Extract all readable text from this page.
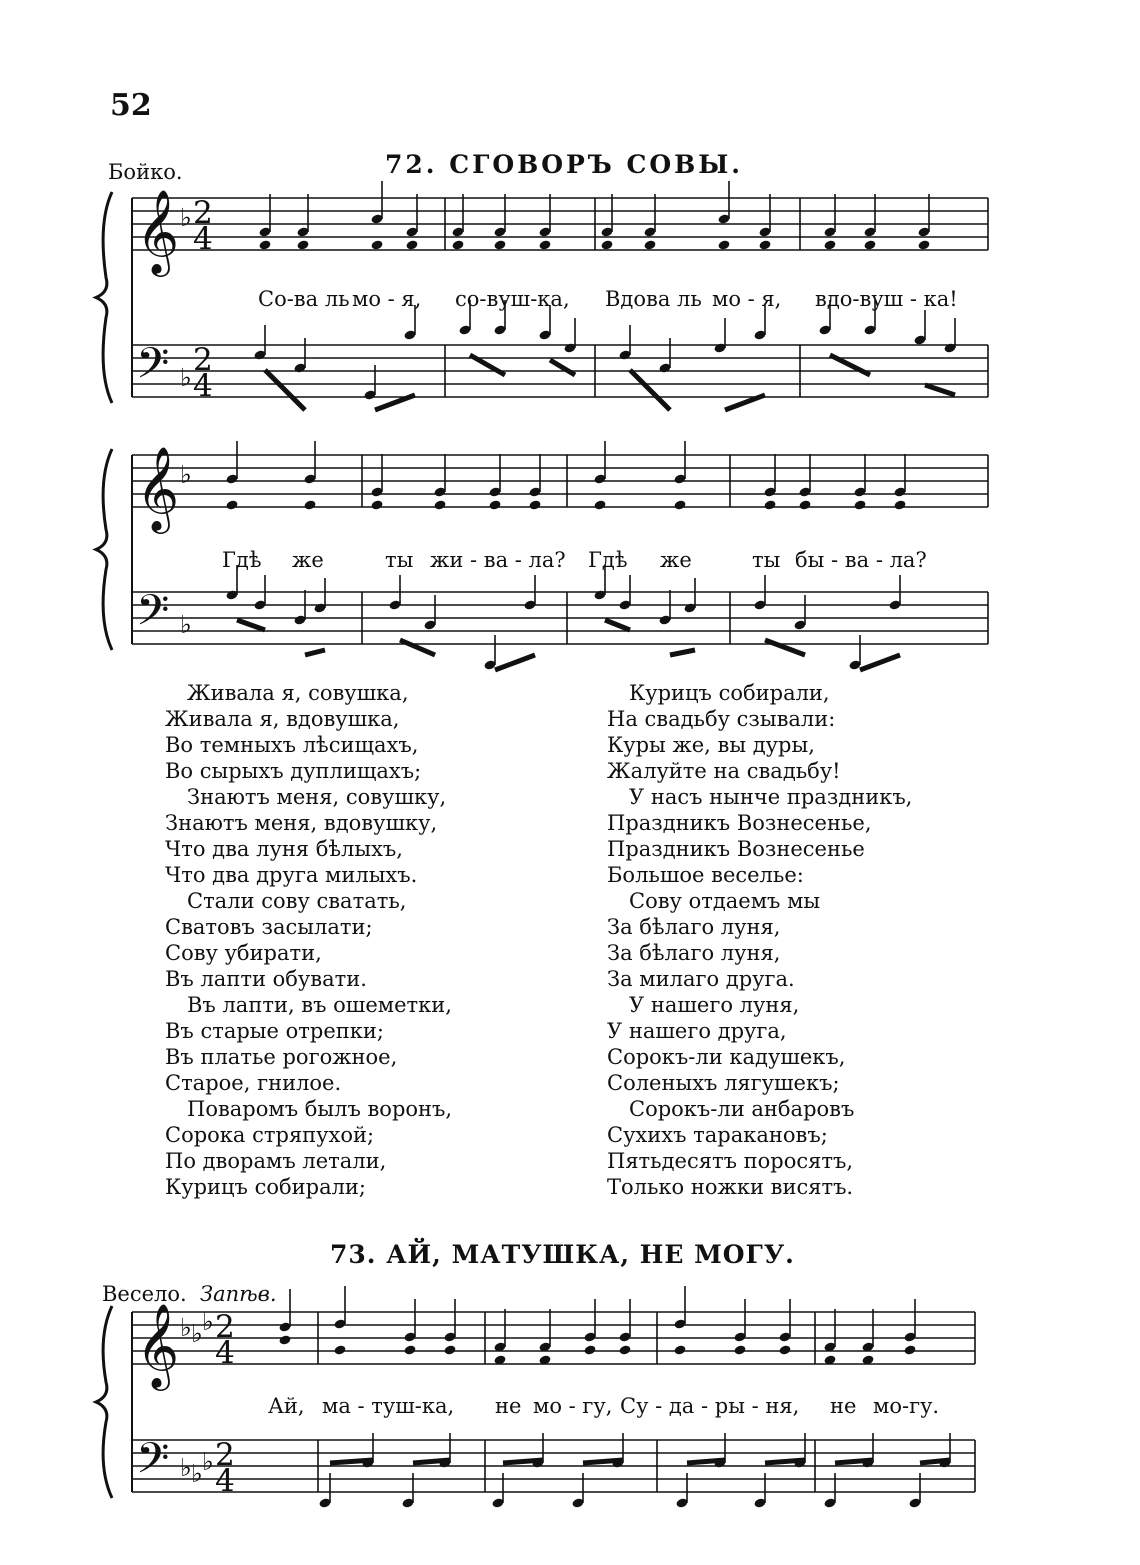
52
Бойко.	72. СГОВОРЪ СОВЫ.
𝄞
𝄢
♭
♭
2
4
2
4
𝄞
𝄢
♭
♭
𝄞
𝄢
♭
♭
♭
♭
♭
♭
2
4
2
4
Со-ва ль мо - я, со-вуш-ка, Вдова ль мо - я, вдо-вуш - ка!
Гдѣ же	ты жи - ва - ла? Гдѣ же	ты бы - ва - ла?
Живала я, совушка,
Живала я, вдовушка,
Во темныхъ лѣсищахъ,
Во сырыхъ дуплищахъ;
Знаютъ меня, совушку,
Знаютъ меня, вдовушку,
Что два луня бѣлыхъ,
Что два друга милыхъ.
Стали сову сватать,
Сватовъ засылати;
Сову убирати,
Въ лапти обувати.
Въ лапти, въ ошеметки,
Въ старые отрепки;
Въ платье рогожное,
Старое, гнилое.
Поваромъ былъ воронъ,
Сорока стряпухой;
По дворамъ летали,
Курицъ собирали;
Курицъ собирали,
На свадьбу сзывали:
Куры же, вы дуры,
Жалуйте на свадьбу!
У насъ нынче праздникъ,
Праздникъ Вознесенье,
Праздникъ Вознесенье
Большое веселье:
Сову отдаемъ мы
За бѣлаго луня,
За бѣлаго луня,
За милаго друга.
У нашего луня,
У нашего друга,
Сорокъ-ли кадушекъ,
Соленыхъ лягушекъ;
Сорокъ-ли анбаровъ
Сухихъ таракановъ;
Пятьдесятъ поросятъ,
Только ножки висятъ.
73. АЙ, МАТУШКА, НЕ МОГУ.
Весело. Запѣв.
Ай, ма - туш-ка, не мо - гу, Су - да - ры - ня, не мо-гу.
